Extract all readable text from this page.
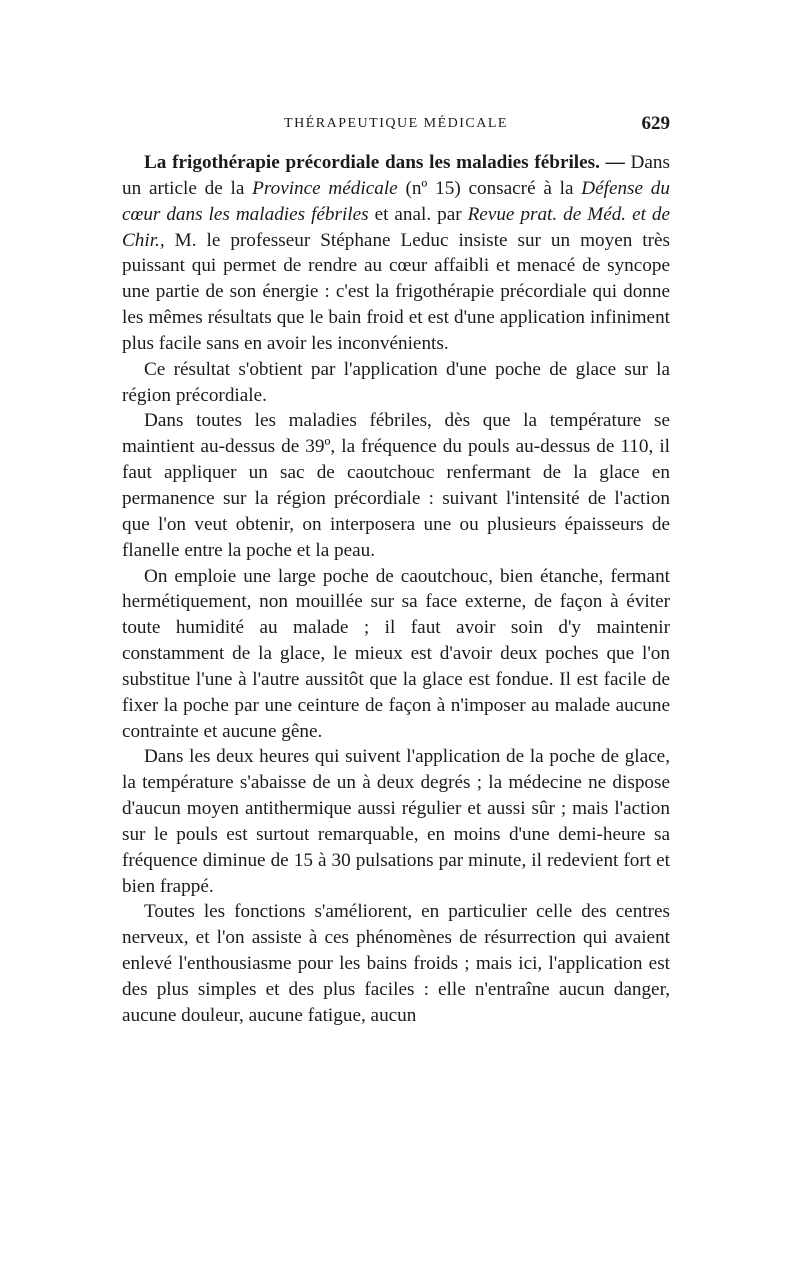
THÉRAPEUTIQUE MÉDICALE	629

La frigothérapie précordiale dans les maladies fébriles. — Dans un article de la Province médicale (nº 15) consacré à la Défense du cœur dans les maladies fébriles et anal. par Revue prat. de Méd. et de Chir., M. le professeur Stéphane Leduc insiste sur un moyen très puissant qui permet de rendre au cœur affaibli et menacé de syncope une partie de son énergie : c'est la frigothérapie précordiale qui donne les mêmes résultats que le bain froid et est d'une application infiniment plus facile sans en avoir les inconvénients.

Ce résultat s'obtient par l'application d'une poche de glace sur la région précordiale.

Dans toutes les maladies fébriles, dès que la température se maintient au-dessus de 39º, la fréquence du pouls au-dessus de 110, il faut appliquer un sac de caoutchouc renfermant de la glace en permanence sur la région précordiale : suivant l'intensité de l'action que l'on veut obtenir, on interposera une ou plusieurs épaisseurs de flanelle entre la poche et la peau.

On emploie une large poche de caoutchouc, bien étanche, fermant hermétiquement, non mouillée sur sa face externe, de façon à éviter toute humidité au malade ; il faut avoir soin d'y maintenir constamment de la glace, le mieux est d'avoir deux poches que l'on substitue l'une à l'autre aussitôt que la glace est fondue. Il est facile de fixer la poche par une ceinture de façon à n'imposer au malade aucune contrainte et aucune gêne.

Dans les deux heures qui suivent l'application de la poche de glace, la température s'abaisse de un à deux degrés ; la médecine ne dispose d'aucun moyen antithermique aussi régulier et aussi sûr ; mais l'action sur le pouls est surtout remarquable, en moins d'une demi-heure sa fréquence diminue de 15 à 30 pulsations par minute, il redevient fort et bien frappé.

Toutes les fonctions s'améliorent, en particulier celle des centres nerveux, et l'on assiste à ces phénomènes de résurrection qui avaient enlevé l'enthousiasme pour les bains froids ; mais ici, l'application est des plus simples et des plus faciles : elle n'entraîne aucun danger, aucune douleur, aucune fatigue, aucun
